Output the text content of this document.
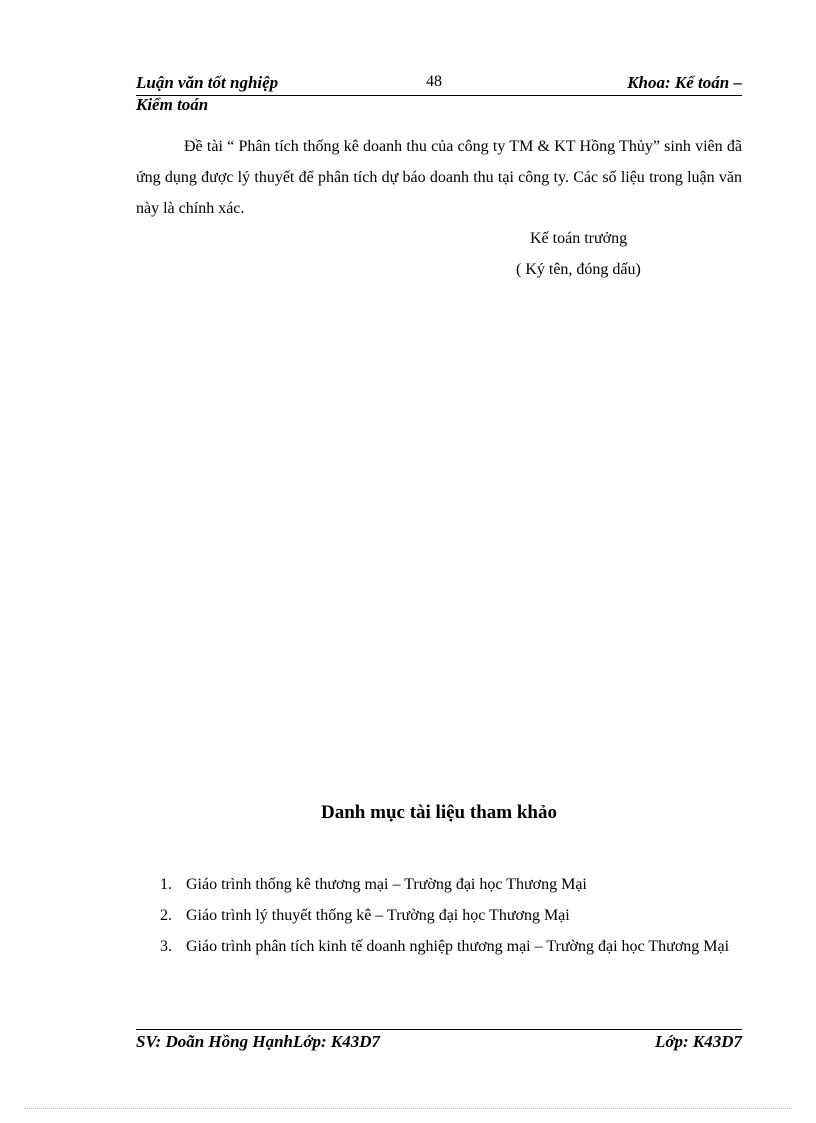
Luận văn tốt nghiệp	48	Khoa: Kế toán –
Kiểm toán

Đề tài “ Phân tích thống kê doanh thu của công ty TM & KT Hồng Thủy” sinh viên đã ứng dụng được lý thuyết để phân tích dự báo doanh thu tại công ty. Các số liệu trong luận văn này là chính xác.

Kế toán trưởng
( Ký tên, đóng dấu)
Danh mục tài liệu tham khảo
1. Giáo trình thống kê thương mại – Trường đại học Thương Mại
2. Giáo trình lý thuyết thống kê – Trường đại học Thương Mại
3. Giáo trình phân tích kinh tế doanh nghiệp thương mại – Trường đại học Thương Mại
SV: Doãn Hồng HạnhLớp: K43D7	Lớp: K43D7
